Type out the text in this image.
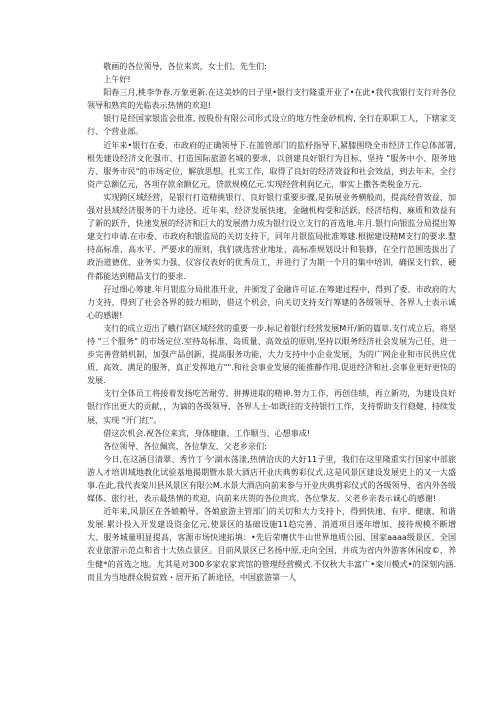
敬画的各位领导，各位来宾，女士们、先生们:

上午好!

阳春三月,桃李争春.万象更新.在这美妙的日子里•银行支行隆重开业了•在此•我代我银行支行对各位领导和熟宾的光临表示热情的欢迎!

银行是经国家银监会批准, 按股份有限公司形式设立的地方性金砂机构, 全行在职职工人，下辖家支行、个营业部。

近年来•银行在委、市政府的正确领导下.在篮管部门的监杼指导下,紧膝围绕全市经济工作总体部署,根先建设经济文化强市、打造国际旅游名城的要求，以创建良好银行为目标，坚持 "服务中小、限务地方、服务市民"的市场定位，解放思想，扎实工作，取得了良好的经济效益和社会效益，到去年末，全行资产总额亿元，各项存款余额亿元，贷款规模亿元.实现经营利润亿元，事实上撒各类税金万元.

实现跨区域经营，是银行打造精挑银行、良好银行重要步骤,是拓展业务横般而，提高经营效益、加强对县域经济服务的干力途径。近年来，经济发展快速，金融机构受和活跃，经济结构、麻质和效益有了新的跃升，快速发展的经济和巨大的发展潜力成为银行设立支行的首选地.年月.银行向银监分局提出筹建支行申请.在市委、市政府和银监局的关切支持下，同年月银监局批准筹建.根据建设精M支行的要求.整持高标准、高水平、严要求的原则，我们就选营业地址，高标准规划设计和装修，在全行范围选拔出了政治道德优、业务实力强、仪容仪表好的优秀员工，并进行了为期一个月的集中培训，确保支行软、硬件都能达到精品支行的要求.

孖过细心筹建.年月银监分局批准开业，并颁发了金融许可证.在筹建过程中，得到了委、市政府的大力支持，得到了社会各界的鼓力相助，借这个机会，向关切支持支行筹建的各级领导、各界人士表示诚心的感谢!

支行的成立迈出了蛾行跻区域经营的重要一步.标记着银行经营发展M开/新的篇章.支行成立后，将坚持 "三个服务" 的市场定位.室持岛标准、岛质量、高效益的原则,坚持以眼务经济社会发展为己任，进一步完善营销机制，加强产品创新，提高服务功能，大力支持中小企业发展，为的广网企业和市民供应优质、高效、满足的服务，真正发挥地方"".和社会事业发展的能推静作用.促进经济和社.会事业更好更快的发展.

支行全体员工将接着发扬吃苦耐劳、拼搏进取的精神.努力工作，再创佳绩，再立新功，为建设良好银行作出更大的贡献，，为谪的各级领导、各界人士-如既往的支持银行工作，支持帮助支行稳健、持续发展，实现 "开门红"。

借这次机会.祝各位来宾，身体健康、工作顺当、心想事成!

各位领导、各位佩宾、各位挚友、父老乡亲们:

今日,在这涵目清翠、秀竹丁今'湖水荡漾,热情洽庆的大好11子里，我们在这里隆重实行国家中部旅游人才培训域地教化试验基地揭期暨水景大酒店开业庆典剪彩仪式.这是风景区建设发展史上的又一大盛事.在此,我代表栾川县风景区有限公M.水景大酒店向前来参与开业庆典剪彩仪式的各级领导、省内外各级媒体、旅行社，表示最热情的欢迎，向前来庆贺的各位贵宾、各位挚友、父老乡亲表示诚心的感谢!

近年来,风景区在各娘赖导、各娘旅游主管部门的关切和大力支持卜，得到快速、有序、健康、和谐发展.累计投入开发建设资金亿元,使景区的基础设施11趋完善、消道项目逐年增加、接待规模不断增大、服务城量明显提高，客源市场快速拓填：•先后荣膺伏牛山世界地质公园、国家aaaa级景区、全国农业旅游示范点和省十大热点景区。目前风景区已名扬中原,走向全国，并成为省内外游客休闲度©、养生健*的首选之地。尤其是对300多家农家宾馆的管理经营模式.不仅秋大丰富广•栾川模式•的深刻内涵.而且为当地群众脱贫致・居开拓了新途径，中国旅游第一人
